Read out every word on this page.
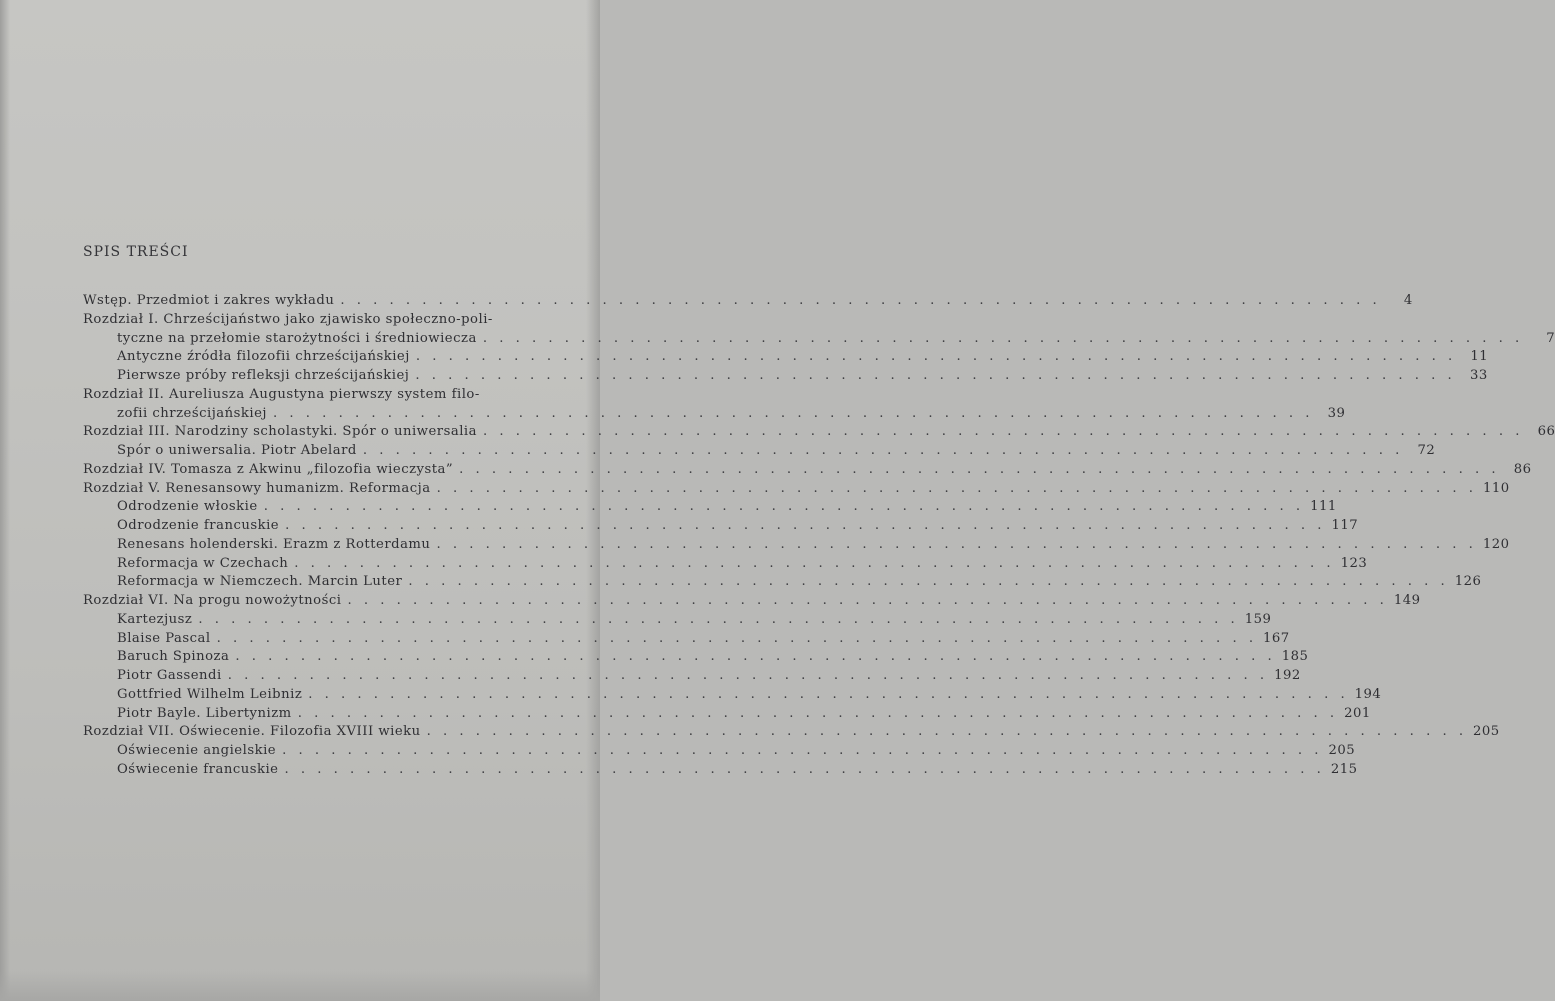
SPIS TREŚCI
Wstęp. Przedmiot i zakres wykładu . . .	4
Rozdział I. Chrześcijaństwo jako zjawisko społeczno-poli-
tyczne na przełomie starożytności i średniowiecza . . .	7
Antyczne źródła filozofii chrześcijańskiej . . .	11
Pierwsze próby refleksji chrześcijańskiej . . .	33
Rozdział II. Aureliusza Augustyna pierwszy system filo-
zofii chrześcijańskiej . . .	39
Rozdział III. Narodziny scholastyki. Spór o uniwersalia . . .	66
Spór o uniwersalia. Piotr Abelard . . .	72
Rozdział IV. Tomasza z Akwinu „filozofia wieczysta” . . .	86
Rozdział V. Renesansowy humanizm. Reformacja . . .	110
Odrodzenie włoskie . . .	111
Odrodzenie francuskie . . .	117
Renesans holenderski. Erazm z Rotterdamu . . .	120
Reformacja w Czechach . . .	123
Reformacja w Niemczech. Marcin Luter . . .	126
Rozdział VI. Na progu nowożytności . . .	149
Kartezjusz . . .	159
Blaise Pascal . . .	167
Baruch Spinoza . . .	185
Piotr Gassendi . . .	192
Gottfried Wilhelm Leibniz . . .	194
Piotr Bayle. Libertynizm . . .	201
Rozdział VII. Oświecenie. Filozofia XVIII wieku . . .	205
Oświecenie angielskie . . .	205
Oświecenie francuskie . . .	215
